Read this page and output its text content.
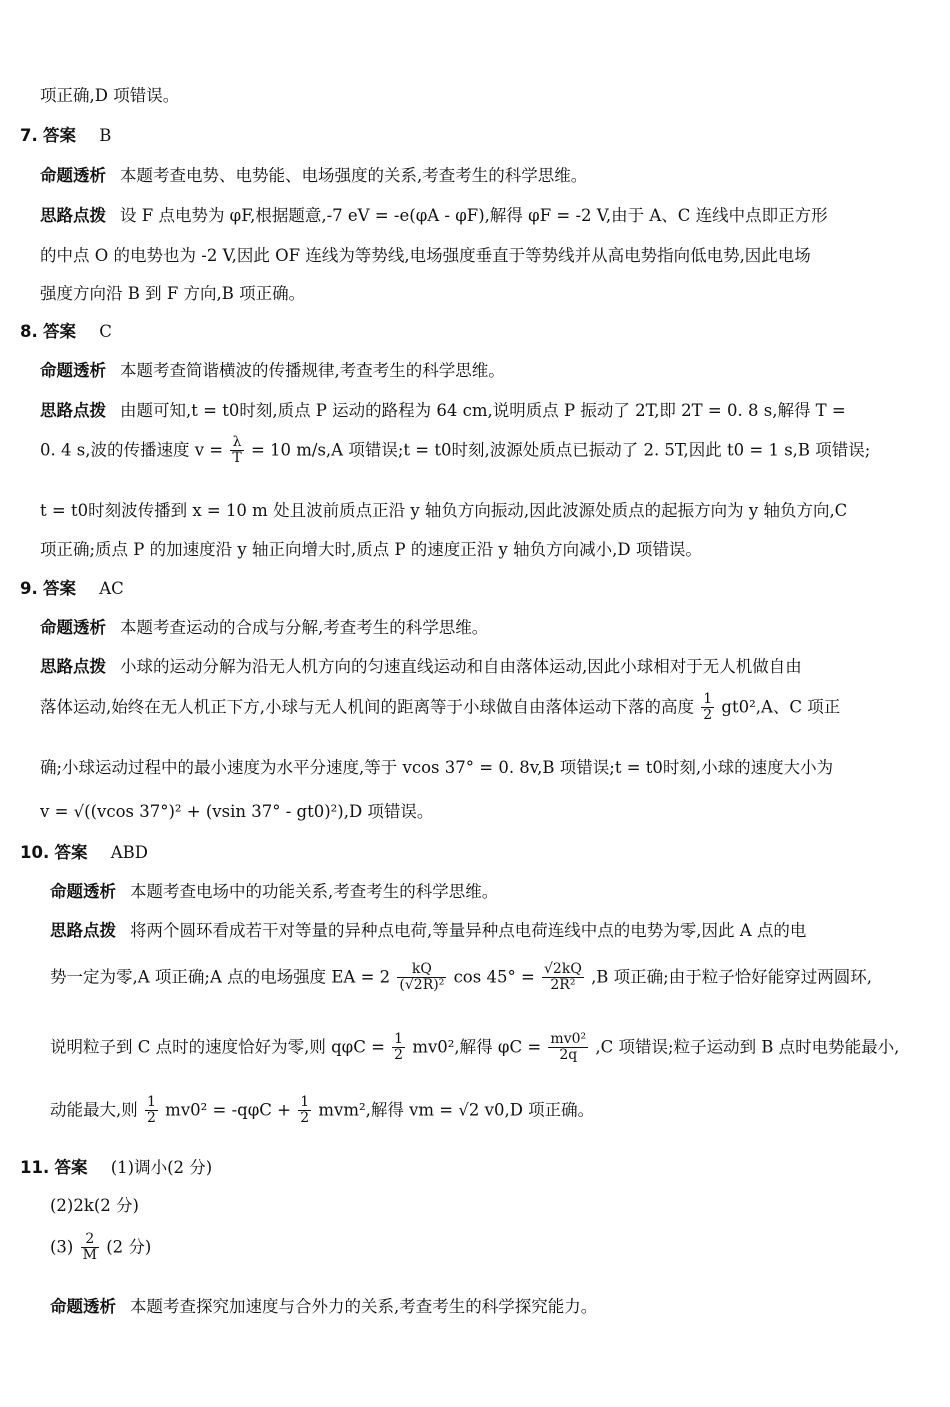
项正确,D 项错误。
7. 答案 B
命题透析 本题考查电势、电势能、电场强度的关系,考查考生的科学思维。
思路点拨 设 F 点电势为 φF,根据题意,-7 eV = -e(φA - φF),解得 φF = -2 V,由于 A、C 连线中点即正方形
的中点 O 的电势也为 -2 V,因此 OF 连线为等势线,电场强度垂直于等势线并从高电势指向低电势,因此电场
强度方向沿 B 到 F 方向,B 项正确。
8. 答案 C
命题透析 本题考查简谐横波的传播规律,考查考生的科学思维。
思路点拨 由题可知,t = t0时刻,质点 P 运动的路程为 64 cm,说明质点 P 振动了 2T,即 2T = 0. 8 s,解得 T =
0. 4 s,波的传播速度 $v = \frac{\lambda}{T} = 10$ m/s,A 项错误;t = t0时刻,波源处质点已振动了 2. 5T,因此 t0 = 1 s,B 项错误;
t = t0时刻波传播到 x = 10 m 处且波前质点正沿 y 轴负方向振动,因此波源处质点的起振方向为 y 轴负方向,C
项正确;质点 P 的加速度沿 y 轴正向增大时,质点 P 的速度正沿 y 轴负方向减小,D 项错误。
9. 答案 AC
命题透析 本题考查运动的合成与分解,考查考生的科学思维。
思路点拨 小球的运动分解为沿无人机方向的匀速直线运动和自由落体运动,因此小球相对于无人机做自由
落体运动,始终在无人机正下方,小球与无人机间的距离等于小球做自由落体运动下落的高度 $\frac{1}{2} gt0^2,A$、C 项正
确;小球运动过程中的最小速度为水平分速度,等于 vcos 37° = 0. 8v,B 项错误;t = t0时刻,小球的速度大小为
v = √((vcos 37°)² + (vsin 37° - gt0)²),D 项错误。
10. 答案 ABD
命题透析 本题考查电场中的功能关系,考查考生的科学思维。
思路点拨 将两个圆环看成若干对等量的异种点电荷,等量异种点电荷连线中点的电势为零,因此 A 点的电
势一定为零,A 项正确;A 点的电场强度 EA = $2 \frac{kQ}{\text{(√2R)²}}$ $\cos 45^\circ = \frac{√2kQ}{\text{2R²}} ,B$ 项正确;由于粒子恰好能穿过两圆环,
说明粒子到 C 点时的速度恰好为零,则 $q\varphi C = \frac{1}{2} mv0^2$,解得 $\varphi C = \frac{\text{mv0²}}{2q} ,C$ 项错误;粒子运动到 B 点时电势能最小,
动能最大,则 $\frac{1}{2} mv0^2 = -q\varphi C + \frac{1}{2} mvm^2$,解得 vm = √2 v0,D 项正确。
11. 答案 (1)调小(2 分)
(2)2k(2 分)
$(3) \frac{2}{M} (2$ 分)
命题透析 本题考查探究加速度与合外力的关系,考查考生的科学探究能力。
